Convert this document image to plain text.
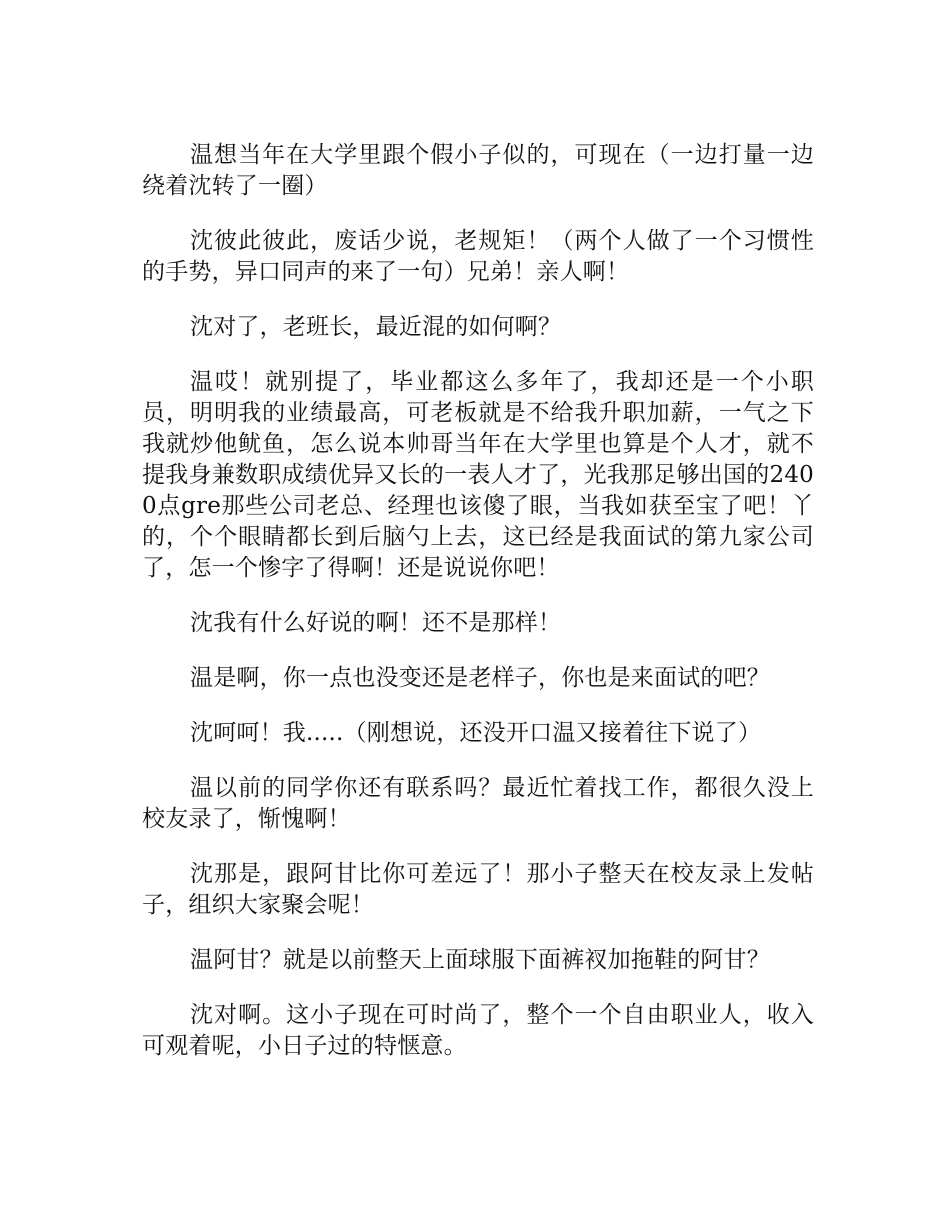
温想当年在大学里跟个假小子似的，可现在（一边打量一边绕着沈转了一圈）

沈彼此彼此，废话少说，老规矩！（两个人做了一个习惯性的手势，异口同声的来了一句）兄弟！亲人啊！

沈对了，老班长，最近混的如何啊？

温哎！就别提了，毕业都这么多年了，我却还是一个小职员，明明我的业绩最高，可老板就是不给我升职加薪，一气之下我就炒他鱿鱼，怎么说本帅哥当年在大学里也算是个人才，就不提我身兼数职成绩优异又长的一表人才了，光我那足够出国的2400点gre那些公司老总、经理也该傻了眼，当我如获至宝了吧！丫的，个个眼睛都长到后脑勺上去，这已经是我面试的第九家公司了，怎一个惨字了得啊！还是说说你吧！

沈我有什么好说的啊！还不是那样！

温是啊，你一点也没变还是老样子，你也是来面试的吧？

沈呵呵！我.....（刚想说，还没开口温又接着往下说了）

温以前的同学你还有联系吗？最近忙着找工作，都很久没上校友录了，惭愧啊！

沈那是，跟阿甘比你可差远了！那小子整天在校友录上发帖子，组织大家聚会呢！

温阿甘？就是以前整天上面球服下面裤衩加拖鞋的阿甘？

沈对啊。这小子现在可时尚了，整个一个自由职业人，收入可观着呢，小日子过的特惬意。
